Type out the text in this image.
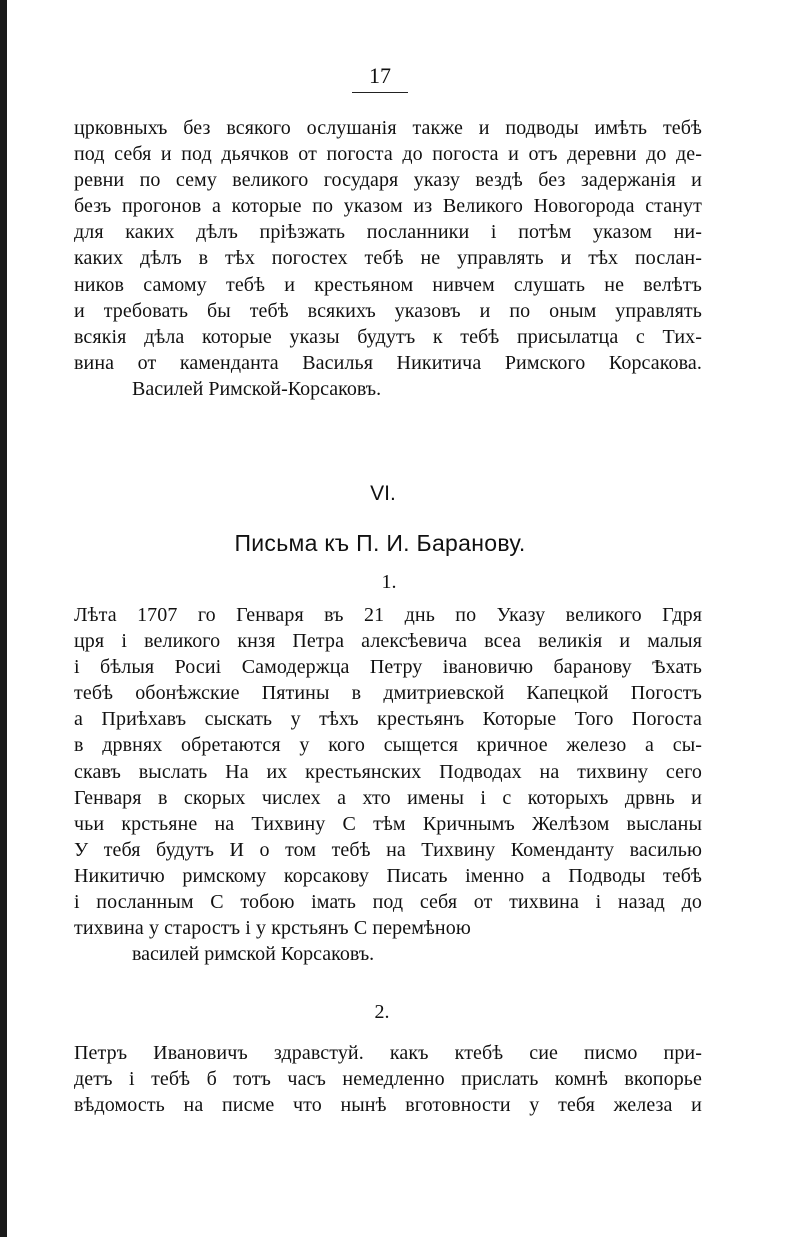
17
црковныхъ без всякого ослушанія также и подводы имѣть тебѣ
под себя и под дьячков от погоста до погоста и отъ деревни до де-
ревни по сему великого государя указу вездѣ без задержанія и
безъ прогонов а которые по указом из Великого Новогорода станут
для каких дѣлъ прiѣзжать посланники і потѣм указом ни-
каких дѣлъ в тѣх погостех тебѣ не управлять и тѣх послан-
ников самому тебѣ и крестьяном нивчем слушать не велѣтъ
и требовать бы тебѣ всякихъ указовъ и по оным управлять
всякія дѣла которые указы будутъ к тебѣ присылатца с Тих-
вина от камендантa Василья Никитича Римского Корсакова.
Василей Римской-Корсаковъ.
VI.
Письма къ П. И. Баранову.
1.
Лѣта 1707 го Генваря въ 21 днь по Указу великого Гдря
цря і великого кнзя Петра алексѣевича всеа великія и малыя
і бѣлыя Росиі Самодержца Петру івановичю баранову Ѣхать
тебѣ обонѣжские Пятины в дмитриевской Капецкой Погостъ
а Приѣхавъ сыскать у тѣхъ крестьянъ Которые Того Погоста
в дрвнях обретаются у кого сыщется кричное железо а сы-
скавъ выслать На их крестьянских Подводах на тихвину сего
Генваря в скорых числех а хто имены і с которыхъ дрвнь и
чьи крстьяне на Тихвину С тѣм Кричнымъ Желѣзом высланы
У тебя будутъ И о том тебѣ на Тихвину Коменданту василью
Никитичю римскому корсакову Писать іменно а Подводы тебѣ
і посланным С тобою імать под себя от тихвина і назад до
тихвина у старостъ і у крстьянъ С перемѣною
василей римской Корсаковъ.
2.
Петръ Ивановичъ здравстуй. какъ ктебѣ сие писмо при-
детъ і тебѣ б тотъ часъ немедленно прислать комнѣ вкопорье
вѣдомость на писме что нынѣ вготовности у тебя железа и
